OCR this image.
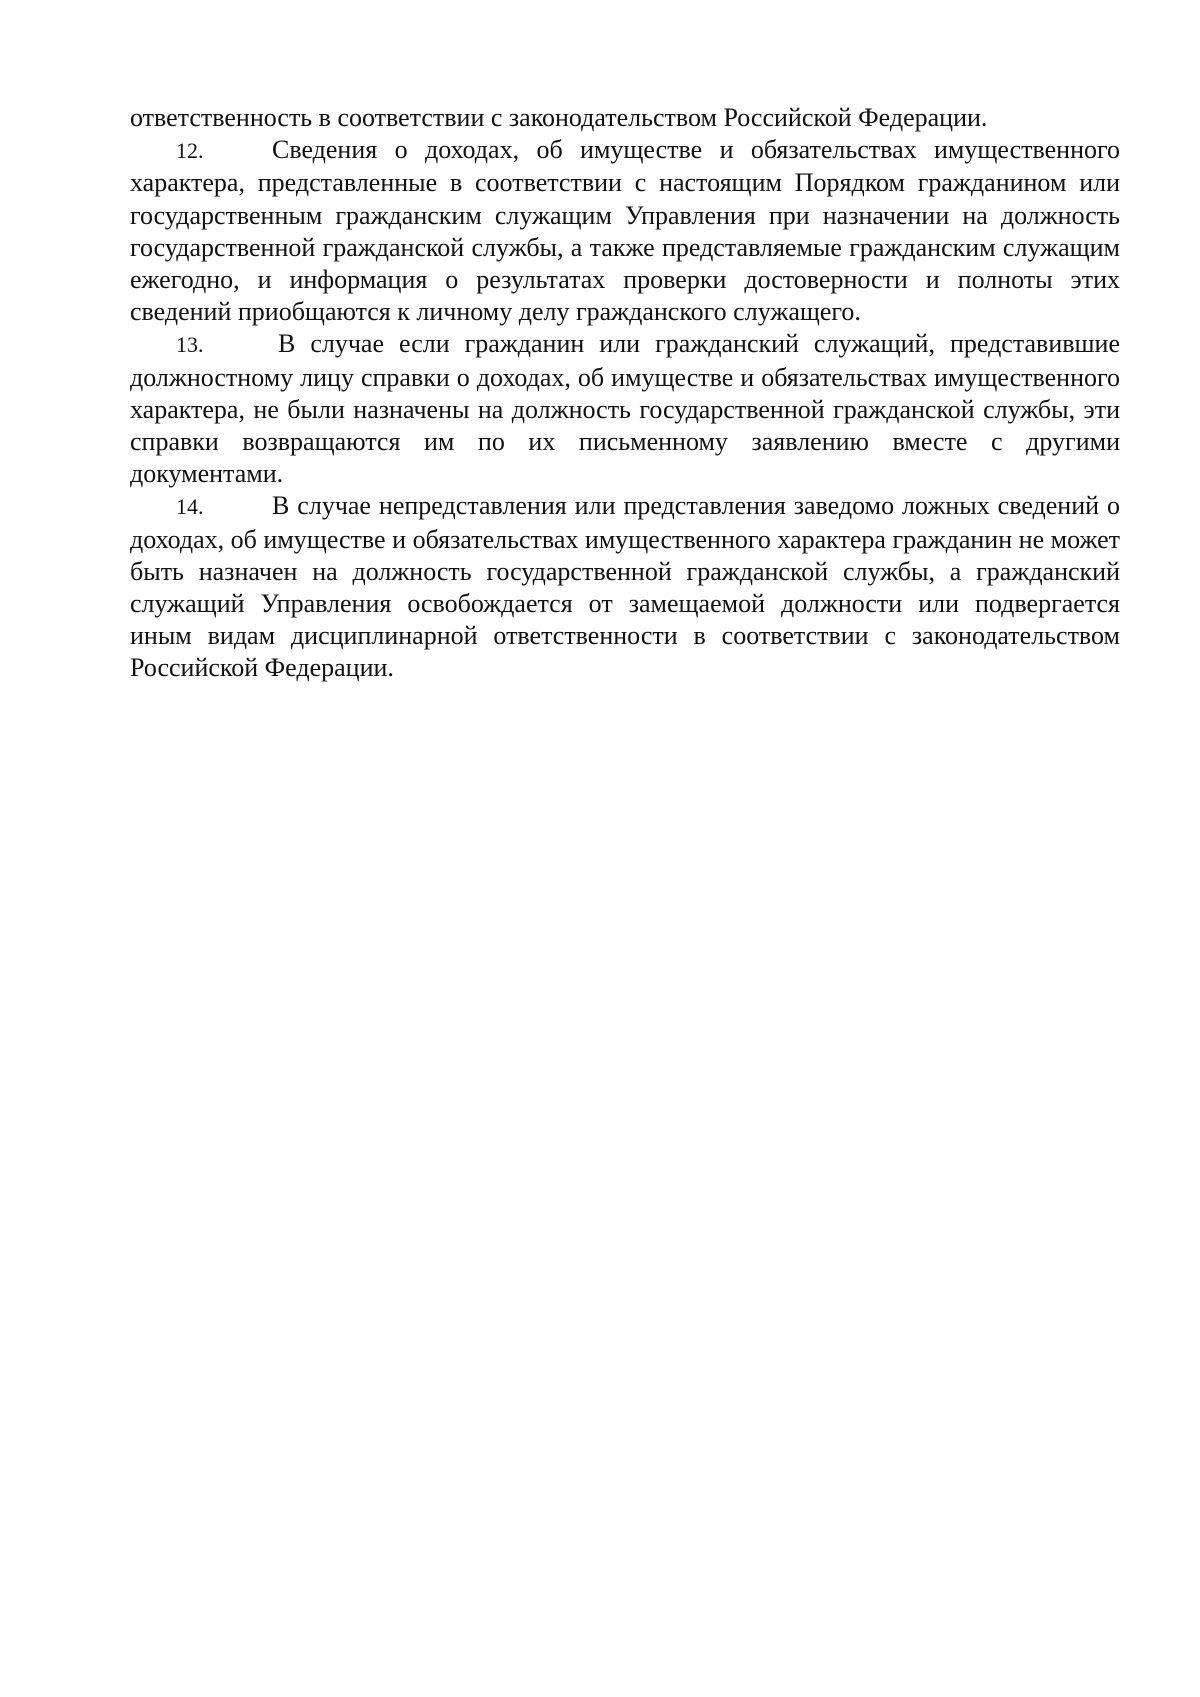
ответственность в соответствии с законодательством Российской Федерации.

12.	Сведения о доходах, об имуществе и обязательствах имущественного характера, представленные в соответствии с настоящим Порядком гражданином или государственным гражданским служащим Управления при назначении на должность государственной гражданской службы, а также представляемые гражданским служащим ежегодно, и информация о результатах проверки достоверности и полноты этих сведений приобщаются к личному делу гражданского служащего.

13.	В случае если гражданин или гражданский служащий, представившие должностному лицу справки о доходах, об имуществе и обязательствах имущественного характера, не были назначены на должность государственной гражданской службы, эти справки возвращаются им по их письменному заявлению вместе с другими документами.

14.	В случае непредставления или представления заведомо ложных сведений о доходах, об имуществе и обязательствах имущественного характера гражданин не может быть назначен на должность государственной гражданской службы, а гражданский служащий Управления освобождается от замещаемой должности или подвергается иным видам дисциплинарной ответственности в соответствии с законодательством Российской Федерации.
